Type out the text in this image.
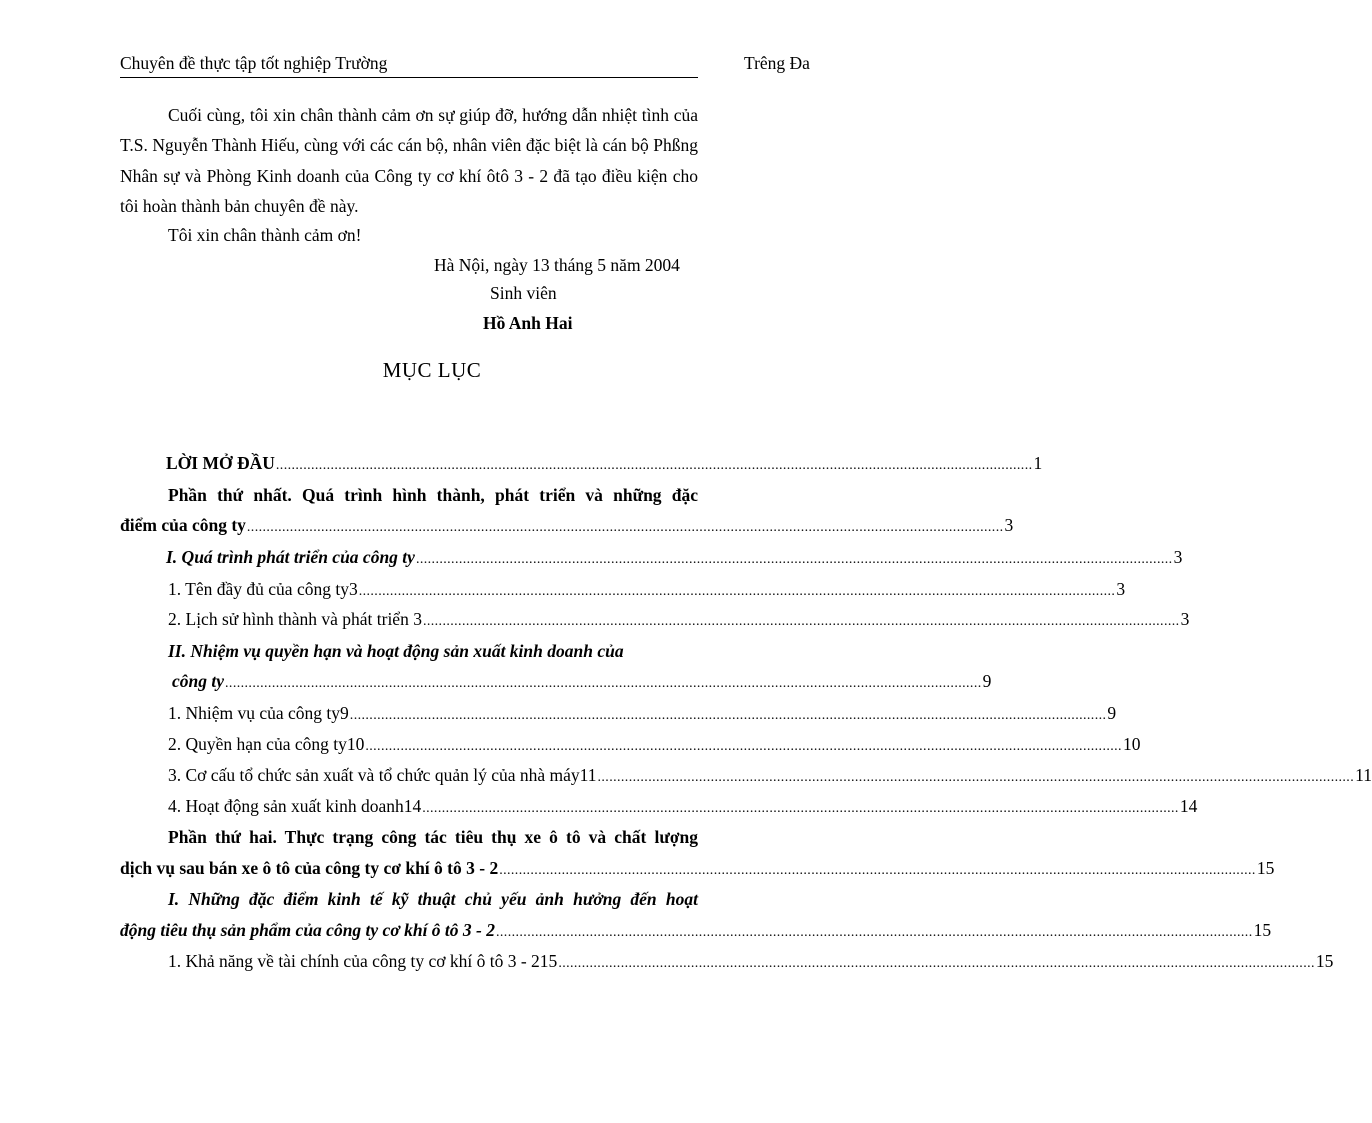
Chuyên đề thực tập tốt nghiệp Trường	Trêng Đa

Cuối cùng, tôi xin chân thành cảm ơn sự giúp đỡ, hướng dẫn nhiệt tình của T.S. Nguyễn Thành Hiếu, cùng với các cán bộ, nhân viên đặc biệt là cán bộ Phßng Nhân sự và Phòng Kinh doanh của Công ty cơ khí ôtô 3 - 2 đã tạo điều kiện cho tôi hoàn thành bản chuyên đề này.

Tôi xin chân thành cảm ơn!
Hà Nội, ngày 13 tháng 5 năm 2004
Sinh viên
Hồ Anh Hai
MỤC LỤC
LỜI MỞ ĐẦU .................................................................................................................................................................................................. 1
Phần thứ nhất. Quá trình hình thành, phát triển và những đặc
điểm của công ty .................................................................................................................................................................................................. 3
I. Quá trình phát triển của công ty .................................................................................................................................................................................................. 3
1. Tên đầy đủ của công ty3 .................................................................................................................................................................................................. 3
2. Lịch sử hình thành và phát triển 3 .................................................................................................................................................................................................. 3
II. Nhiệm vụ quyền hạn và hoạt động sản xuất kinh doanh của
công ty .................................................................................................................................................................................................. 9
1. Nhiệm vụ của công ty9 .................................................................................................................................................................................................. 9
2. Quyền hạn của công ty10 .................................................................................................................................................................................................. 10
3. Cơ cấu tổ chức sản xuất và tổ chức quản lý của nhà máy11 .................................................................................................................................................................................................. 11
4. Hoạt động sản xuất kinh doanh14 .................................................................................................................................................................................................. 14
Phần thứ hai. Thực trạng công tác tiêu thụ xe ô tô và chất lượng
dịch vụ sau bán xe ô tô của công ty cơ khí ô tô 3 - 2 .................................................................................................................................................................................................. 15
I. Những đặc điểm kinh tế kỹ thuật chủ yếu ảnh hưởng đến hoạt
động tiêu thụ sản phẩm của công ty cơ khí ô tô 3 - 2 .................................................................................................................................................................................................. 15
1. Khả năng về tài chính của công ty cơ khí ô tô 3 - 215 .................................................................................................................................................................................................. 15
